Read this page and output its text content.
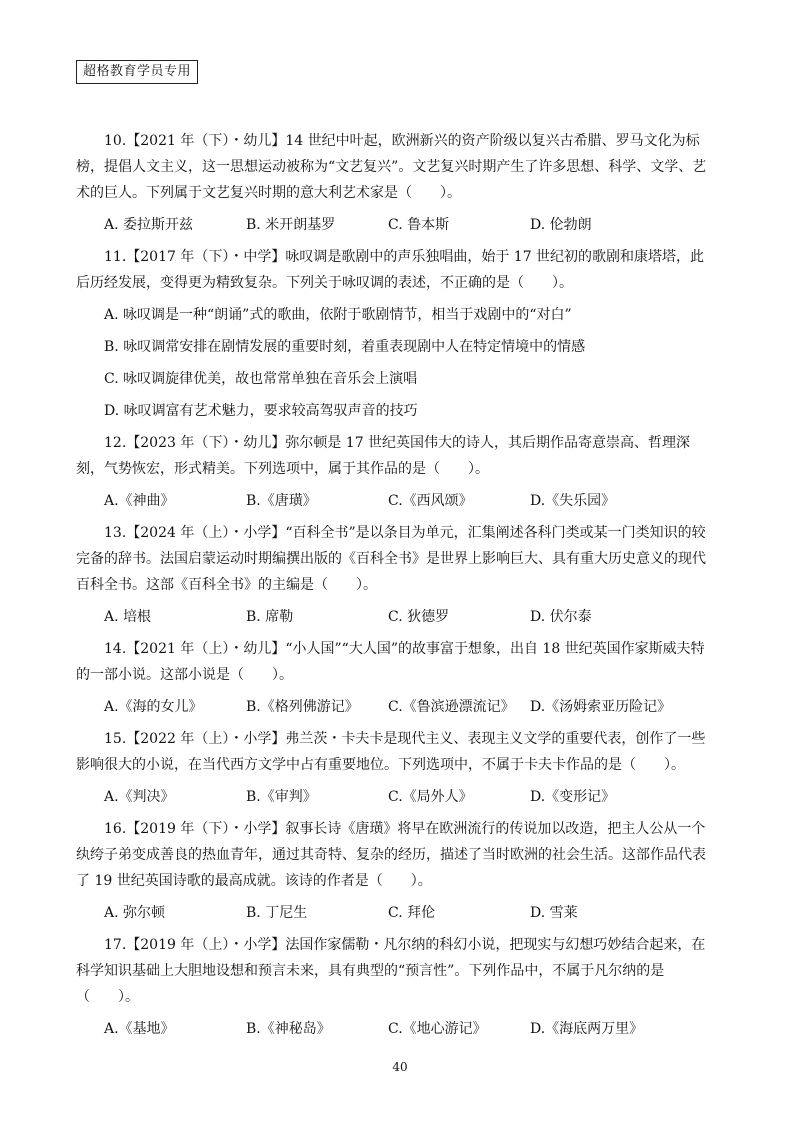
超格教育学员专用

10.【2021 年（下）・幼儿】14 世纪中叶起，欧洲新兴的资产阶级以复兴古希腊、罗马文化为标榜，提倡人文主义，这一思想运动被称为“文艺复兴”。文艺复兴时期产生了许多思想、科学、文学、艺术的巨人。下列属于文艺复兴时期的意大利艺术家是（　　）。

A. 委拉斯开兹	B. 米开朗基罗	C. 鲁本斯	D. 伦勃朗

11.【2017 年（下）・中学】咏叹调是歌剧中的声乐独唱曲，始于 17 世纪初的歌剧和康塔塔，此后历经发展，变得更为精致复杂。下列关于咏叹调的表述，不正确的是（　　）。

A. 咏叹调是一种“朗诵”式的歌曲，依附于歌剧情节，相当于戏剧中的“对白”
B. 咏叹调常安排在剧情发展的重要时刻，着重表现剧中人在特定情境中的情感
C. 咏叹调旋律优美，故也常常单独在音乐会上演唱
D. 咏叹调富有艺术魅力，要求较高驾驭声音的技巧

12.【2023 年（下）・幼儿】弥尔顿是 17 世纪英国伟大的诗人，其后期作品寄意崇高、哲理深刻，气势恢宏，形式精美。下列选项中，属于其作品的是（　　）。

A.《神曲》	B.《唐璜》	C.《西风颂》	D.《失乐园》

13.【2024 年（上）・小学】“百科全书”是以条目为单元，汇集阐述各科门类或某一门类知识的较完备的辞书。法国启蒙运动时期编撰出版的《百科全书》是世界上影响巨大、具有重大历史意义的现代百科全书。这部《百科全书》的主编是（　　）。

A. 培根	B. 席勒	C. 狄德罗	D. 伏尔泰

14.【2021 年（上）・幼儿】“小人国”“大人国”的故事富于想象，出自 18 世纪英国作家斯威夫特的一部小说。这部小说是（　　）。

A.《海的女儿》	B.《格列佛游记》	C.《鲁滨逊漂流记》	D.《汤姆索亚历险记》

15.【2022 年（上）・小学】弗兰茨・卡夫卡是现代主义、表现主义文学的重要代表，创作了一些影响很大的小说，在当代西方文学中占有重要地位。下列选项中，不属于卡夫卡作品的是（　　）。

A.《判决》	B.《审判》	C.《局外人》	D.《变形记》

16.【2019 年（下）・小学】叙事长诗《唐璜》将早在欧洲流行的传说加以改造，把主人公从一个纨绔子弟变成善良的热血青年，通过其奇特、复杂的经历，描述了当时欧洲的社会生活。这部作品代表了 19 世纪英国诗歌的最高成就。该诗的作者是（　　）。

A. 弥尔顿	B. 丁尼生	C. 拜伦	D. 雪莱

17.【2019 年（上）・小学】法国作家儒勒・凡尔纳的科幻小说，把现实与幻想巧妙结合起来，在科学知识基础上大胆地设想和预言未来，具有典型的“预言性”。下列作品中，不属于凡尔纳的是（　　）。

A.《基地》	B.《神秘岛》	C.《地心游记》	D.《海底两万里》
40
